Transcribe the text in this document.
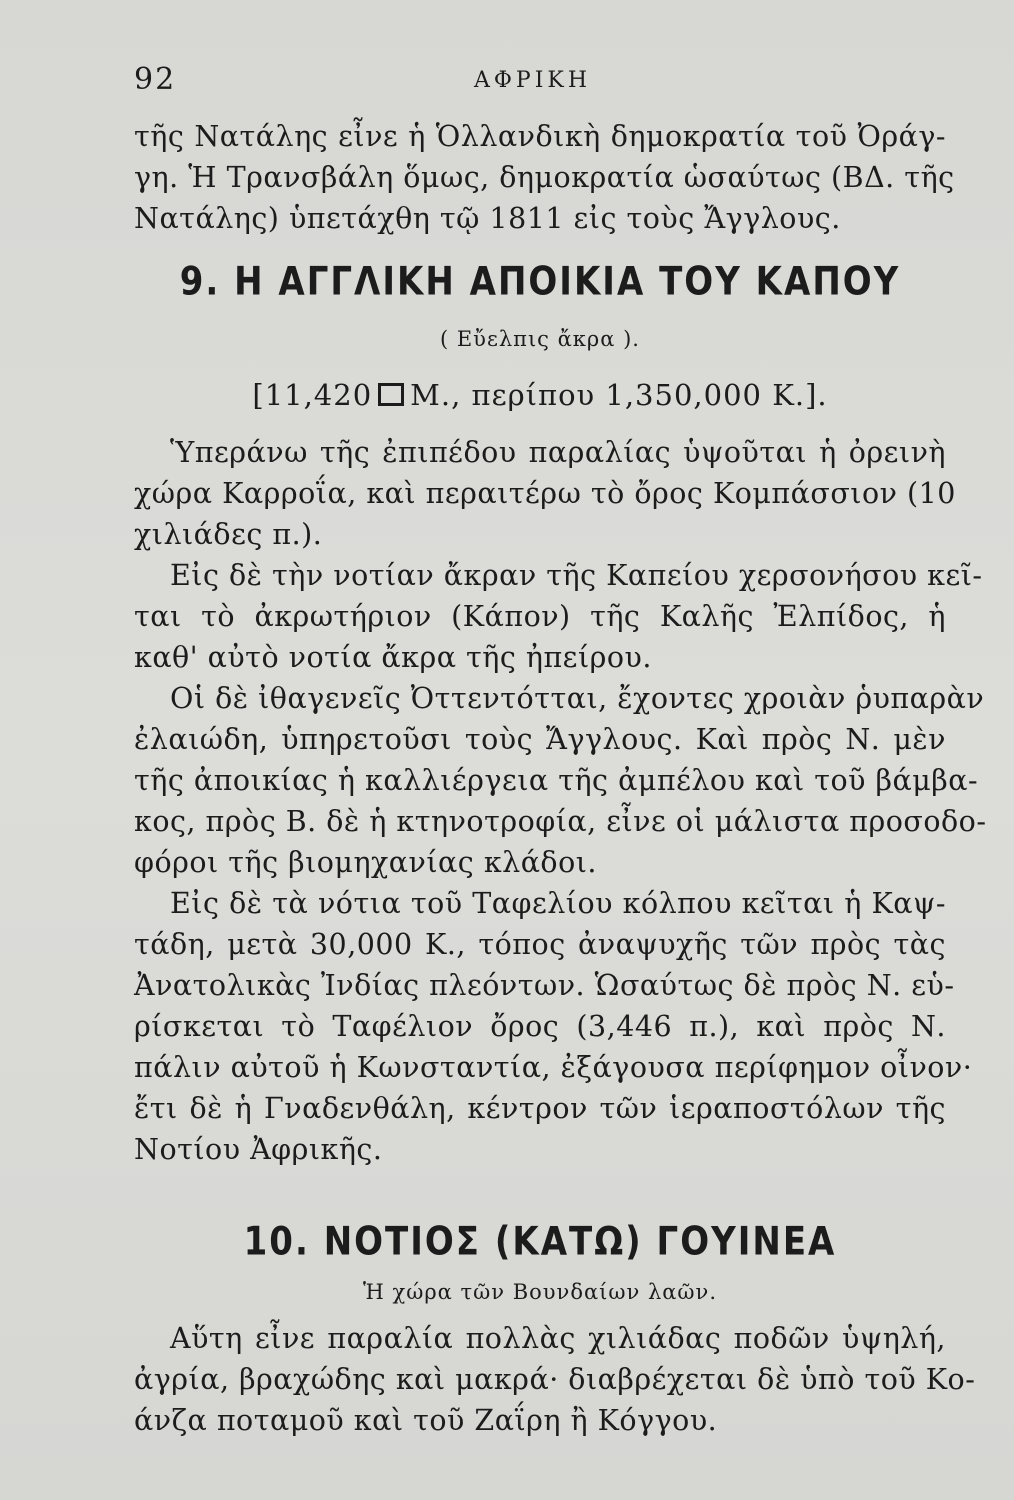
92	ΑΦΡΙΚΗ
τῆς Νατάλης εἶνε ἡ Ὁλλανδικὴ δημοκρατία τοῦ Ὀράγ-
γη. Ἡ Τρανσβάλη ὅμως, δημοκρατία ὡσαύτως (ΒΔ. τῆς
Νατάλης) ὑπετάχθη τῷ 1811 εἰς τοὺς Ἄγγλους.
9. Η ΑΓΓΛΙΚΗ ΑΠΟΙΚΙΑ ΤΟΥ ΚΑΠΟΥ
( Εὔελπις ἄκρα ).
[11,420 Μ., περίπου 1,350,000 Κ.].
Ὑπεράνω τῆς ἐπιπέδου παραλίας ὑψοῦται ἡ ὀρεινὴ
χώρα Καρροΐα, καὶ περαιτέρω τὸ ὄρος Κομπάσσιον (10
χιλιάδες π.).
Εἰς δὲ τὴν νοτίαν ἄκραν τῆς Καπείου χερσονήσου κεῖ-
ται τὸ ἀκρωτήριον (Κάπον) τῆς Καλῆς Ἐλπίδος, ἡ
καθ' αὐτὸ νοτία ἄκρα τῆς ἠπείρου.
Οἱ δὲ ἰθαγενεῖς Ὀττεντότται, ἔχοντες χροιὰν ῥυπαρὰν
ἐλαιώδη, ὑπηρετοῦσι τοὺς Ἄγγλους. Καὶ πρὸς Ν. μὲν
τῆς ἀποικίας ἡ καλλιέργεια τῆς ἀμπέλου καὶ τοῦ βάμβα-
κος, πρὸς Β. δὲ ἡ κτηνοτροφία, εἶνε οἱ μάλιστα προσοδο-
φόροι τῆς βιομηχανίας κλάδοι.
Εἰς δὲ τὰ νότια τοῦ Ταφελίου κόλπου κεῖται ἡ Καψ-
τάδη, μετὰ 30,000 Κ., τόπος ἀναψυχῆς τῶν πρὸς τὰς
Ἀνατολικὰς Ἰνδίας πλεόντων. Ὡσαύτως δὲ πρὸς Ν. εὑ-
ρίσκεται τὸ Ταφέλιον ὄρος (3,446 π.), καὶ πρὸς Ν.
πάλιν αὐτοῦ ἡ Κωνσταντία, ἐξάγουσα περίφημον οἶνον·
ἔτι δὲ ἡ Γναδενθάλη, κέντρον τῶν ἱεραποστόλων τῆς
Νοτίου Ἀφρικῆς.
10. ΝΟΤΙΟΣ (ΚΑΤΩ) ΓΟΥΙΝΕΑ
Ἡ χώρα τῶν Βουνδαίων λαῶν.
Αὕτη εἶνε παραλία πολλὰς χιλιάδας ποδῶν ὑψηλή,
ἀγρία, βραχώδης καὶ μακρά· διαβρέχεται δὲ ὑπὸ τοῦ Κο-
άνζα ποταμοῦ καὶ τοῦ Ζαΐρη ἢ Κόγγου.
